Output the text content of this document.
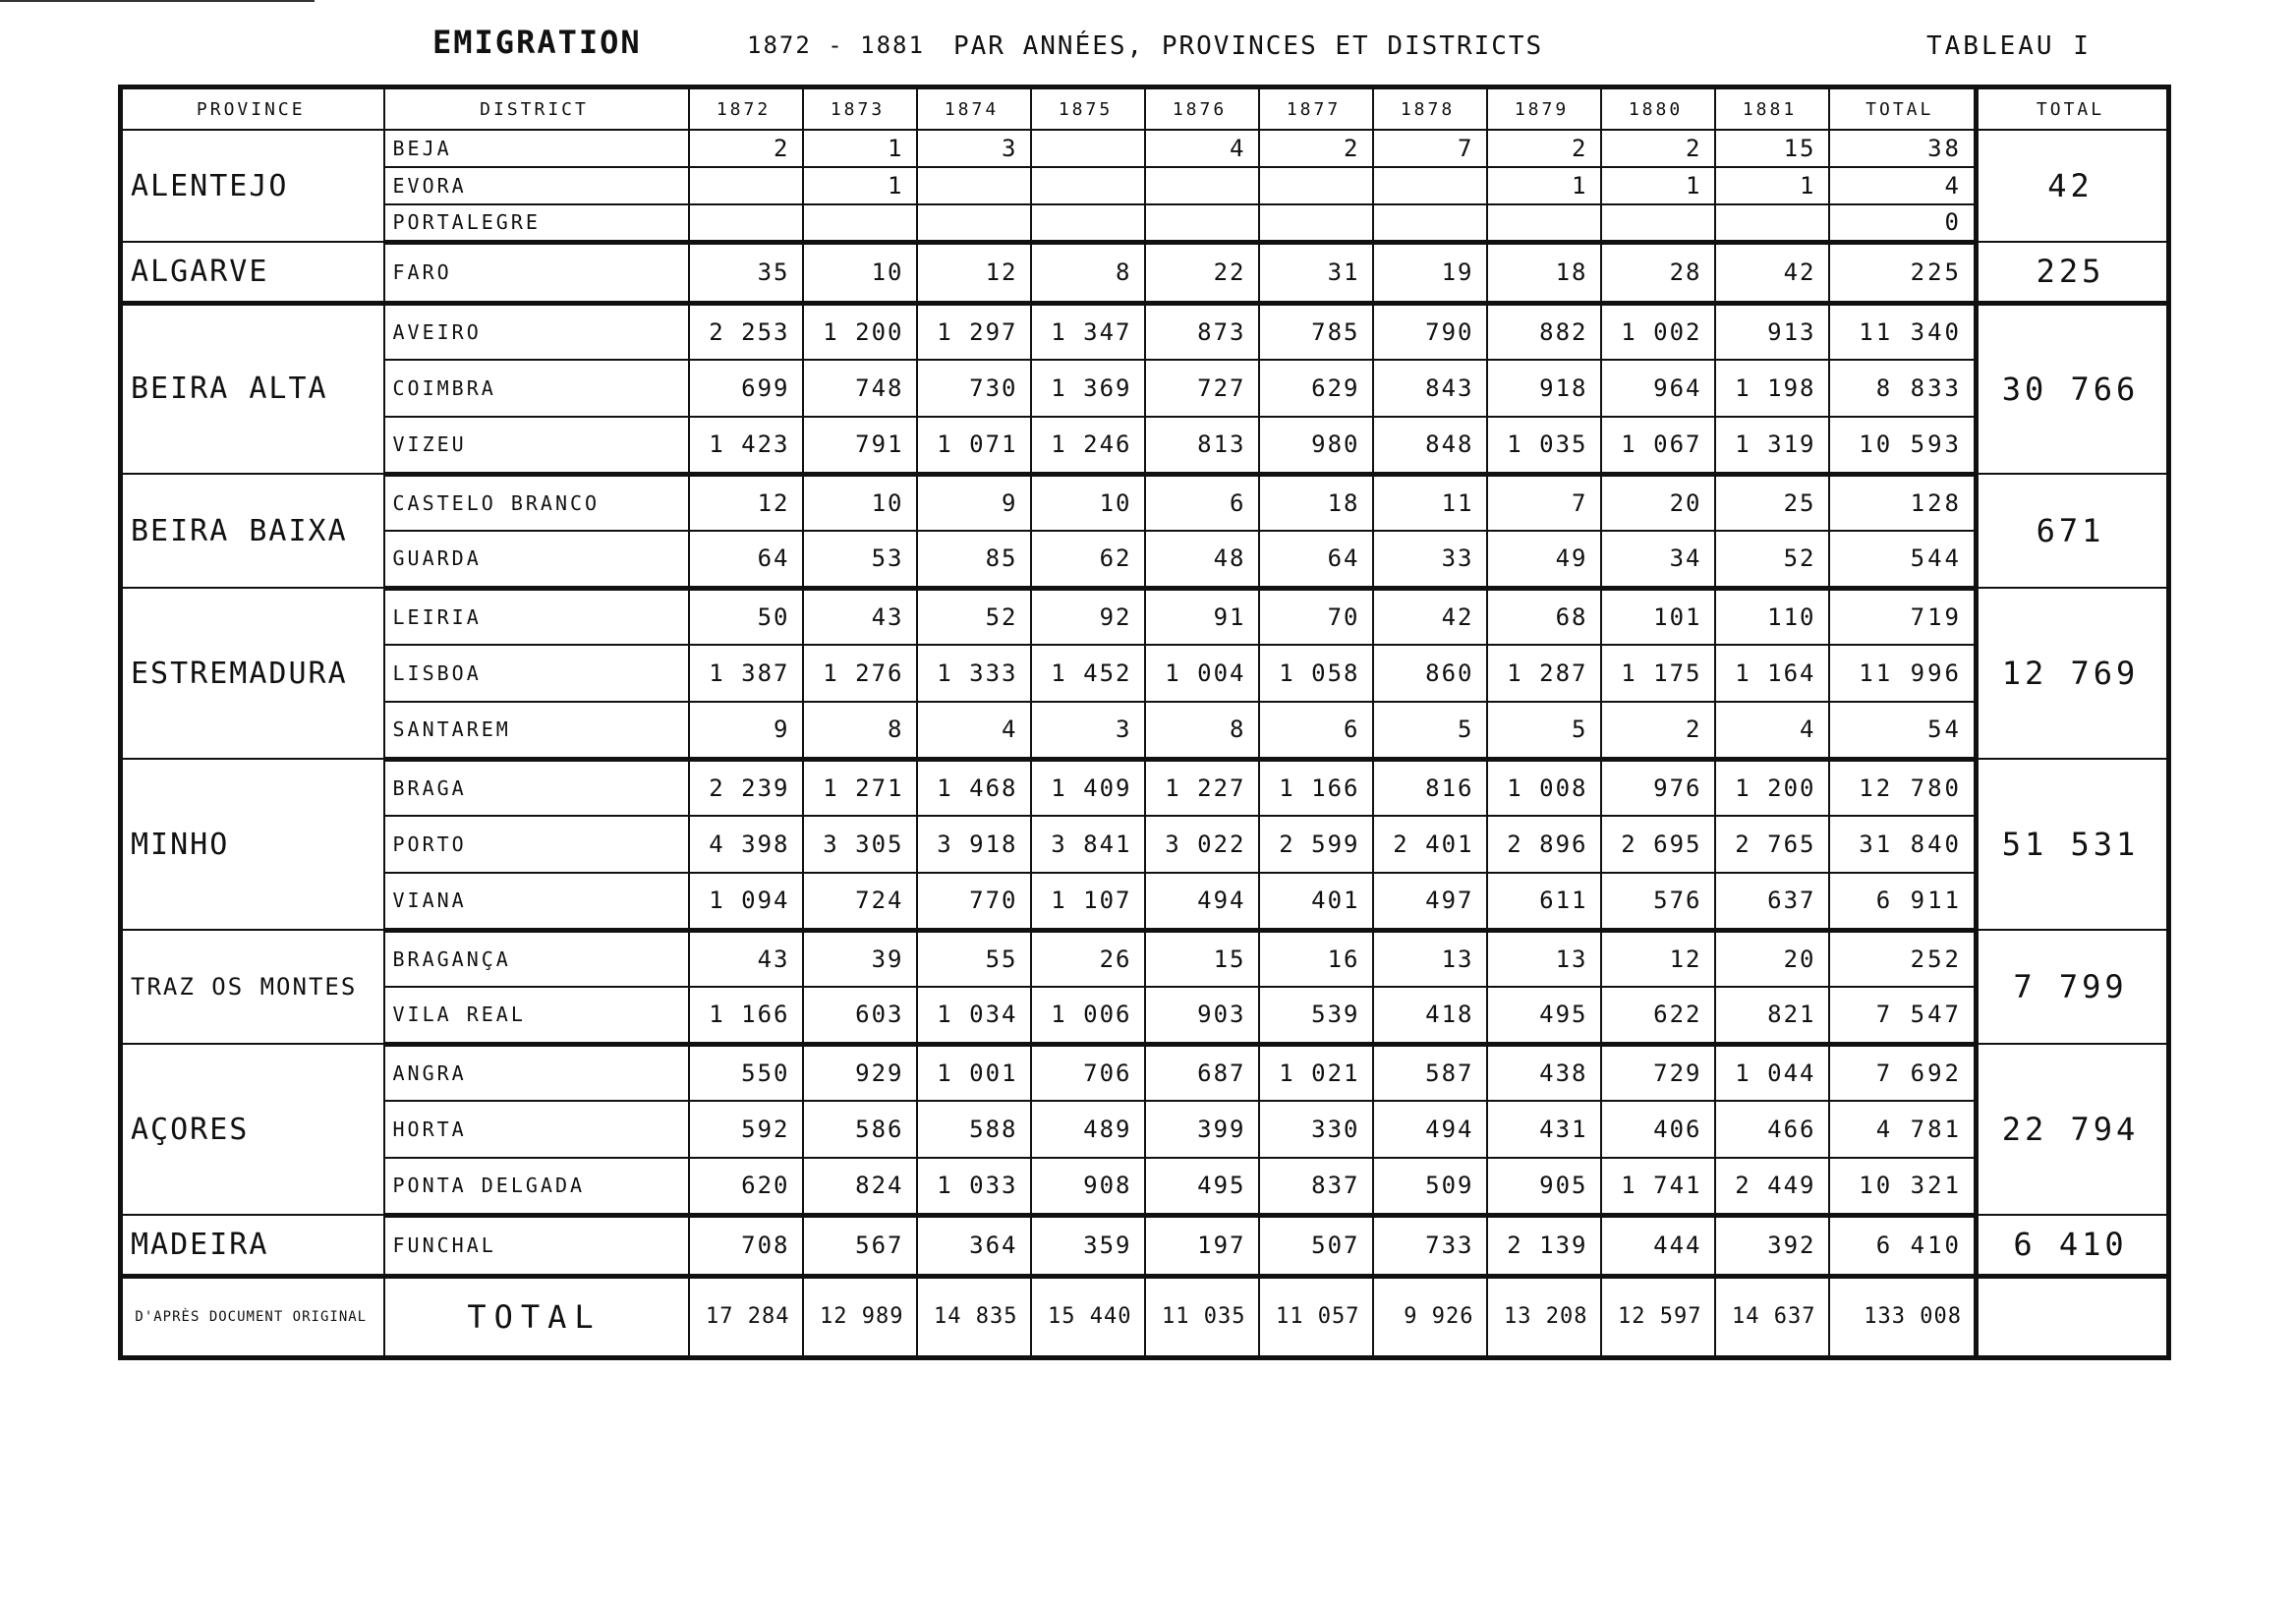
EMIGRATION	1872 - 1881 PAR ANNÉES, PROVINCES ET DISTRICTS	TABLEAU I
PROVINCE	DISTRICT	1872	1873	1874	1875	1876	1877	1878	1879	1880	1881	TOTAL	TOTAL
ALENTEJO	BEJA	2	1	3		4	2	7	2	2	15	38	42
	EVORA		1						1	1	1	4	
	PORTALEGRE											0	
ALGARVE	FARO	35	10	12	8	22	31	19	18	28	42	225	225
BEIRA ALTA	AVEIRO	2 253	1 200	1 297	1 347	873	785	790	882	1 002	913	11 340	30 766
	COIMBRA	699	748	730	1 369	727	629	843	918	964	1 198	8 833	
	VIZEU	1 423	791	1 071	1 246	813	980	848	1 035	1 067	1 319	10 593	
BEIRA BAIXA	CASTELO BRANCO	12	10	9	10	6	18	11	7	20	25	128	671
	GUARDA	64	53	85	62	48	64	33	49	34	52	544	
ESTREMADURA	LEIRIA	50	43	52	92	91	70	42	68	101	110	719	12 769
	LISBOA	1 387	1 276	1 333	1 452	1 004	1 058	860	1 287	1 175	1 164	11 996	
	SANTAREM	9	8	4	3	8	6	5	5	2	4	54	
MINHO	BRAGA	2 239	1 271	1 468	1 409	1 227	1 166	816	1 008	976	1 200	12 780	51 531
	PORTO	4 398	3 305	3 918	3 841	3 022	2 599	2 401	2 896	2 695	2 765	31 840	
	VIANA	1 094	724	770	1 107	494	401	497	611	576	637	6 911	
TRAZ OS MONTES	BRAGANÇA	43	39	55	26	15	16	13	13	12	20	252	7 799
	VILA REAL	1 166	603	1 034	1 006	903	539	418	495	622	821	7 547	
AÇORES	ANGRA	550	929	1 001	706	687	1 021	587	438	729	1 044	7 692	22 794
	HORTA	592	586	588	489	399	330	494	431	406	466	4 781	
	PONTA DELGADA	620	824	1 033	908	495	837	509	905	1 741	2 449	10 321	
MADEIRA	FUNCHAL	708	567	364	359	197	507	733	2 139	444	392	6 410	6 410
D'APRÈS DOCUMENT ORIGINAL	TOTAL	17 284	12 989	14 835	15 440	11 035	11 057	9 926	13 208	12 597	14 637	133 008	
